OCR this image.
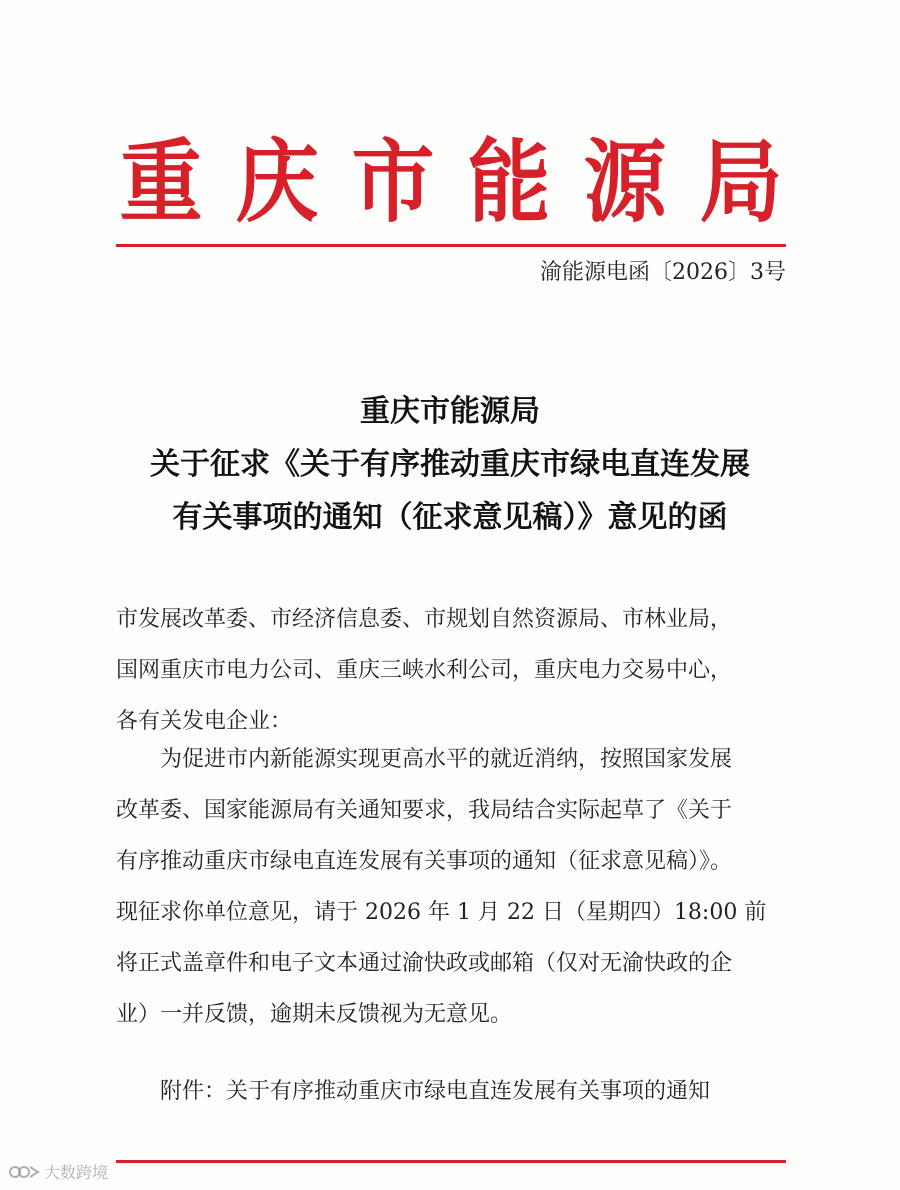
重 庆 市 能 源 局
渝能源电函〔2026〕3号
重庆市能源局
关于征求《关于有序推动重庆市绿电直连发展
有关事项的通知（征求意见稿）》意见的函
市发展改革委、市经济信息委、市规划自然资源局、市林业局，
国网重庆市电力公司、重庆三峡水利公司，重庆电力交易中心，
各有关发电企业：
为促进市内新能源实现更高水平的就近消纳，按照国家发展
改革委、国家能源局有关通知要求，我局结合实际起草了《关于
有序推动重庆市绿电直连发展有关事项的通知（征求意见稿）》。
现征求你单位意见，请于 2026 年 1 月 22 日（星期四）18:00 前
将正式盖章件和电子文本通过渝快政或邮箱（仅对无渝快政的企
业）一并反馈，逾期未反馈视为无意见。
附件：关于有序推动重庆市绿电直连发展有关事项的通知
大数跨境
